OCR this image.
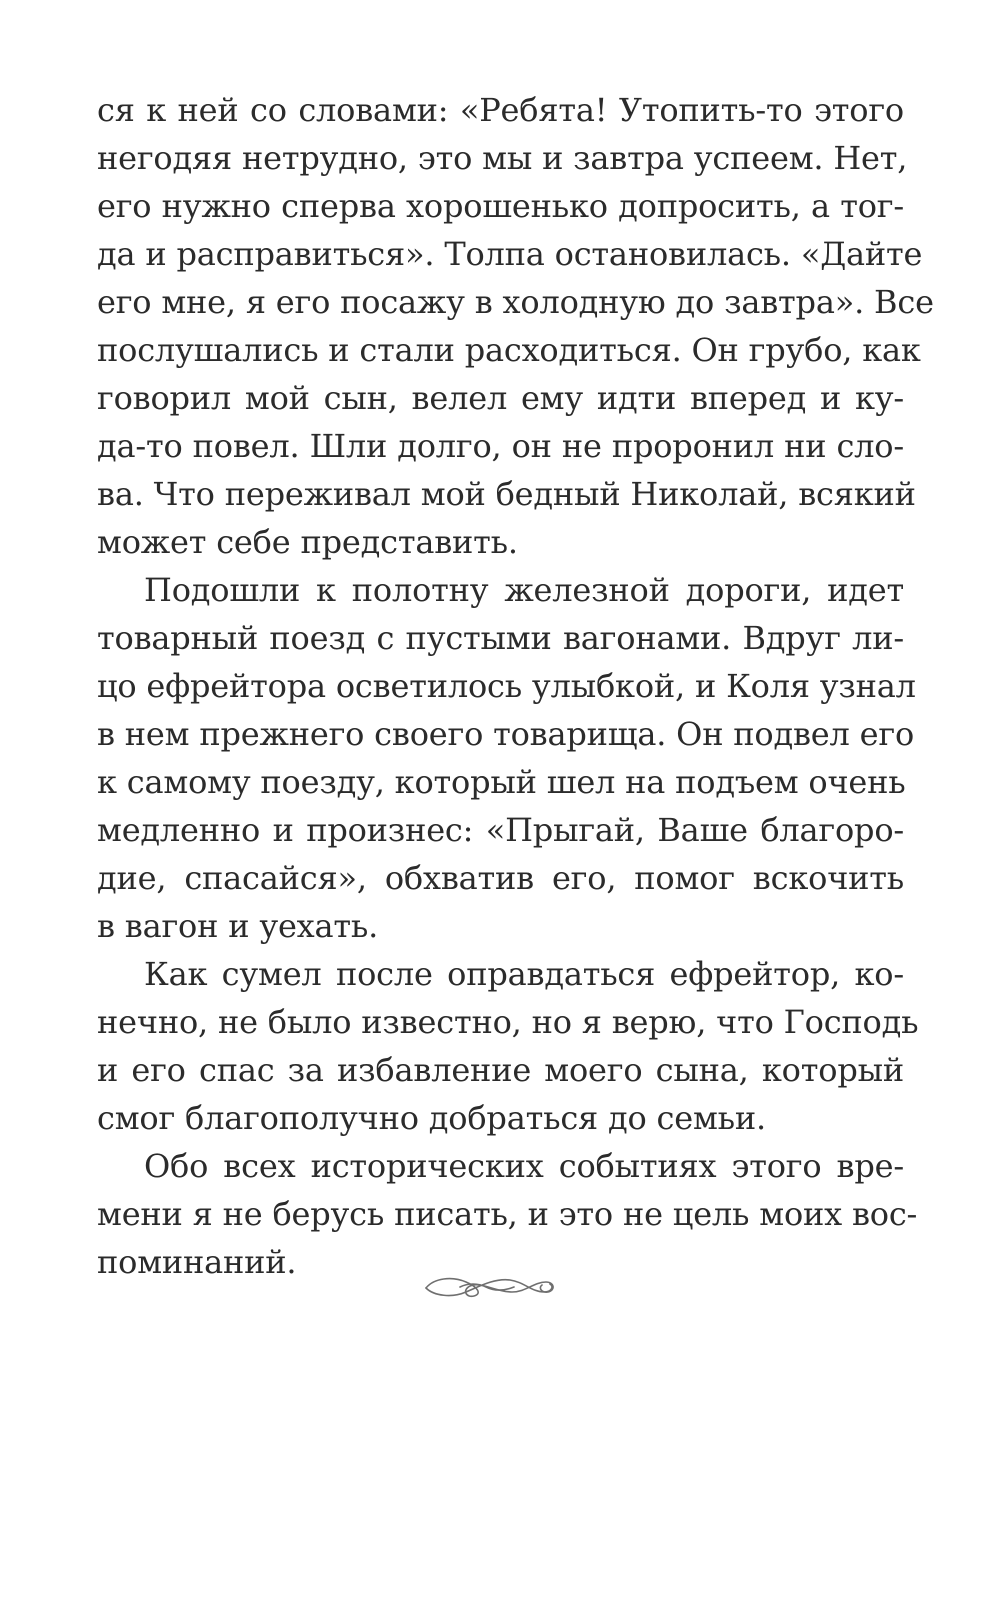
ся к ней со словами: «Ребята! Утопить-то этого
негодяя нетрудно, это мы и завтра успеем. Нет,
его нужно сперва хорошенько допросить, а тог-
да и расправиться». Толпа остановилась. «Дайте
его мне, я его посажу в холодную до завтра». Все
послушались и стали расходиться. Он грубо, как
говорил мой сын, велел ему идти вперед и ку-
да-то повел. Шли долго, он не проронил ни сло-
ва. Что переживал мой бедный Николай, всякий
может себе представить.
Подошли к полотну железной дороги, идет
товарный поезд с пустыми вагонами. Вдруг ли-
цо ефрейтора осветилось улыбкой, и Коля узнал
в нем прежнего своего товарища. Он подвел его
к самому поезду, который шел на подъем очень
медленно и произнес: «Прыгай, Ваше благоро-
дие, спасайся», обхватив его, помог вскочить
в вагон и уехать.
Как сумел после оправдаться ефрейтор, ко-
нечно, не было известно, но я верю, что Господь
и его спас за избавление моего сына, который
смог благополучно добраться до семьи.
Обо всех исторических событиях этого вре-
мени я не берусь писать, и это не цель моих вос-
поминаний.
